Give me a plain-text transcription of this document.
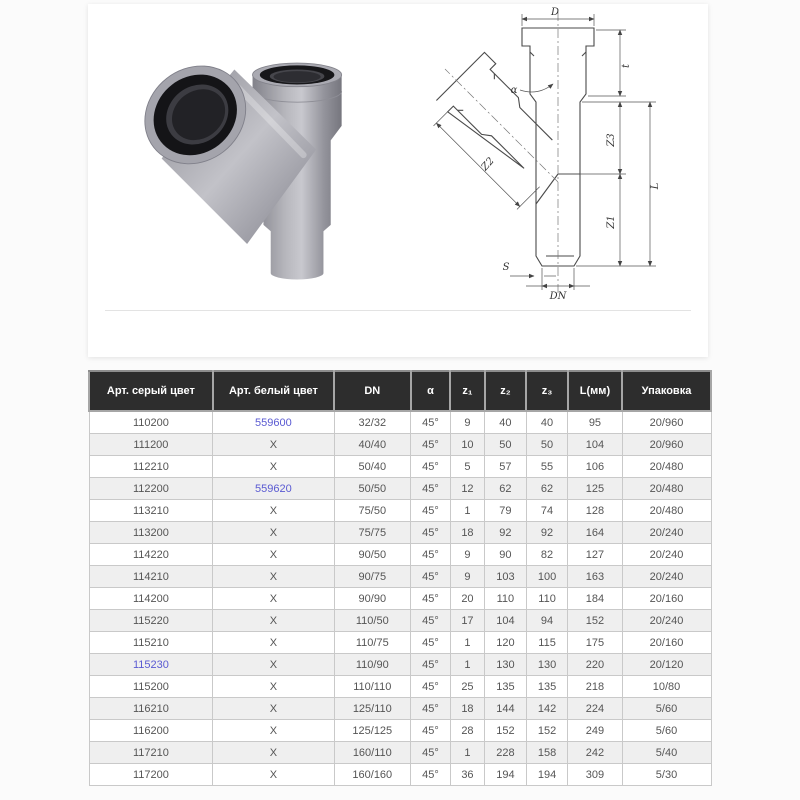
D
t
Z3
Z1
L
Z2
α
S
DN
Арт. серый цвет	Арт. белый цвет	DN	α	z₁	z₂	z₃	L(мм)	Упаковка
110200	559600	32/32	45°	9	40	40	95	20/960
111200	X	40/40	45°	10	50	50	104	20/960
112210	X	50/40	45°	5	57	55	106	20/480
112200	559620	50/50	45°	12	62	62	125	20/480
113210	X	75/50	45°	1	79	74	128	20/480
113200	X	75/75	45°	18	92	92	164	20/240
114220	X	90/50	45°	9	90	82	127	20/240
114210	X	90/75	45°	9	103	100	163	20/240
114200	X	90/90	45°	20	110	110	184	20/160
115220	X	110/50	45°	17	104	94	152	20/240
115210	X	110/75	45°	1	120	115	175	20/160
115230	X	110/90	45°	1	130	130	220	20/120
115200	X	110/110	45°	25	135	135	218	10/80
116210	X	125/110	45°	18	144	142	224	5/60
116200	X	125/125	45°	28	152	152	249	5/60
117210	X	160/110	45°	1	228	158	242	5/40
117200	X	160/160	45°	36	194	194	309	5/30
